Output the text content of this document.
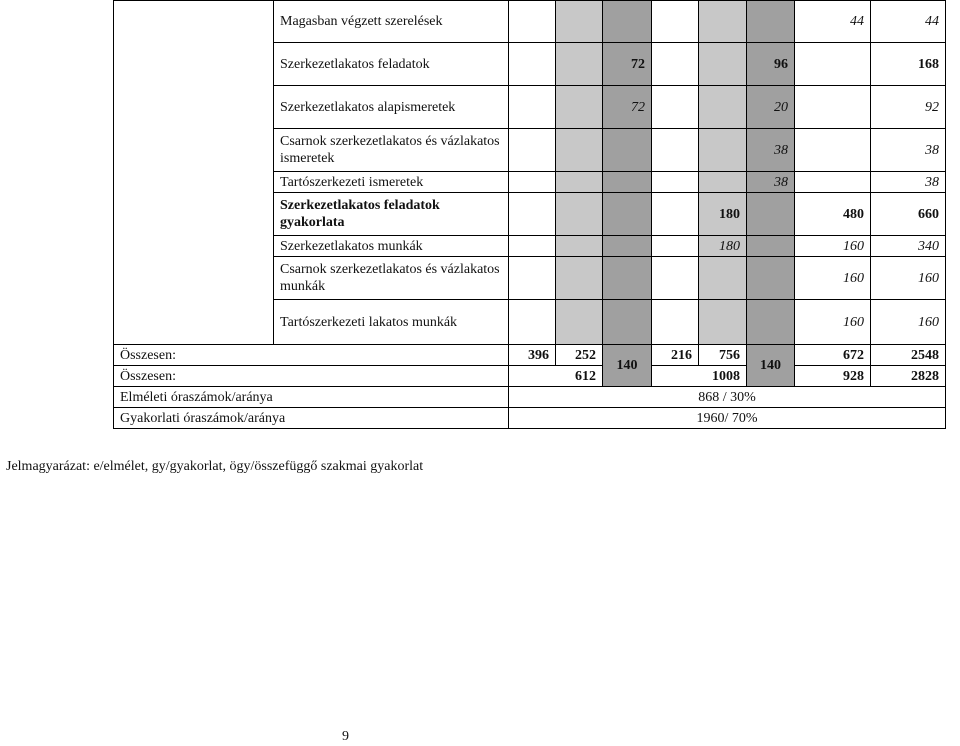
	Magasban végzett szerelések							44	44
	Szerkezetlakatos feladatok			72			96		168
	Szerkezetlakatos alapismeretek			72			20		92
	Csarnok szerkezetlakatos és vázlakatos ismeretek						38		38
	Tartószerkezeti ismeretek						38		38
	Szerkezetlakatos feladatok gyakorlata					180		480	660
	Szerkezetlakatos munkák					180		160	340
	Csarnok szerkezetlakatos és vázlakatos munkák							160	160
	Tartószerkezeti lakatos munkák							160	160
Összesen:		396	252	140	216	756	140	672	2548
Összesen:		612			1008			928	2828
Elméleti óraszámok/aránya		868 / 30%							
Gyakorlati óraszámok/aránya		1960/ 70%							
Jelmagyarázat: e/elmélet, gy/gyakorlat, ögy/összefüggő szakmai gyakorlat
9
